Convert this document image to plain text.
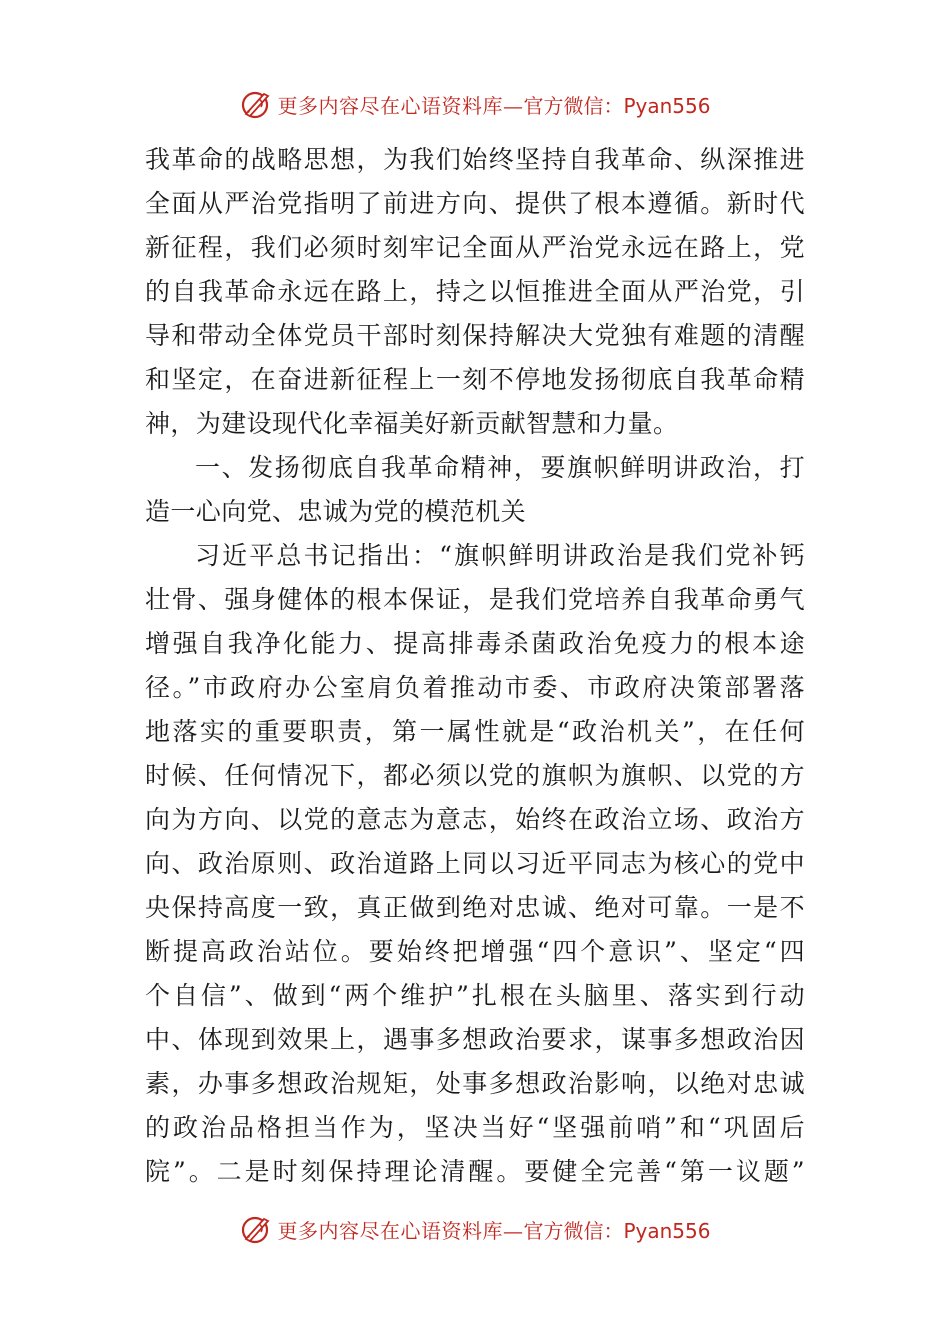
更多内容尽在心语资料库— 官方微信：Pyan556
我革命的战略思想，为我们始终坚持自我革命、纵深推进
全面从严治党指明了前进方向、提供了根本遵循。新时代
新征程，我们必须时刻牢记全面从严治党永远在路上，党
的自我革命永远在路上，持之以恒推进全面从严治党，引
导和带动全体党员干部时刻保持解决大党独有难题的清醒
和坚定，在奋进新征程上一刻不停地发扬彻底自我革命精
神，为建设现代化幸福美好新贡献智慧和力量。
一、发扬彻底自我革命精神，要旗帜鲜明讲政治，打
造一心向党、忠诚为党的模范机关
习近平总书记指出：“旗帜鲜明讲政治是我们党补钙
壮骨、强身健体的根本保证，是我们党培养自我革命勇气
增强自我净化能力、提高排毒杀菌政治免疫力的根本途
径。”市政府办公室肩负着推动市委、市政府决策部署落
地落实的重要职责，第一属性就是“政治机关”，在任何
时候、任何情况下，都必须以党的旗帜为旗帜、以党的方
向为方向、以党的意志为意志，始终在政治立场、政治方
向、政治原则、政治道路上同以习近平同志为核心的党中
央保持高度一致，真正做到绝对忠诚、绝对可靠。一是不
断提高政治站位。要始终把增强“四个意识”、坚定“四
个自信”、做到“两个维护”扎根在头脑里、落实到行动
中、体现到效果上，遇事多想政治要求，谋事多想政治因
素，办事多想政治规矩，处事多想政治影响，以绝对忠诚
的政治品格担当作为，坚决当好“坚强前哨”和“巩固后
院”。二是时刻保持理论清醒。要健全完善“第一议题”
更多内容尽在心语资料库— 官方微信：Pyan556
